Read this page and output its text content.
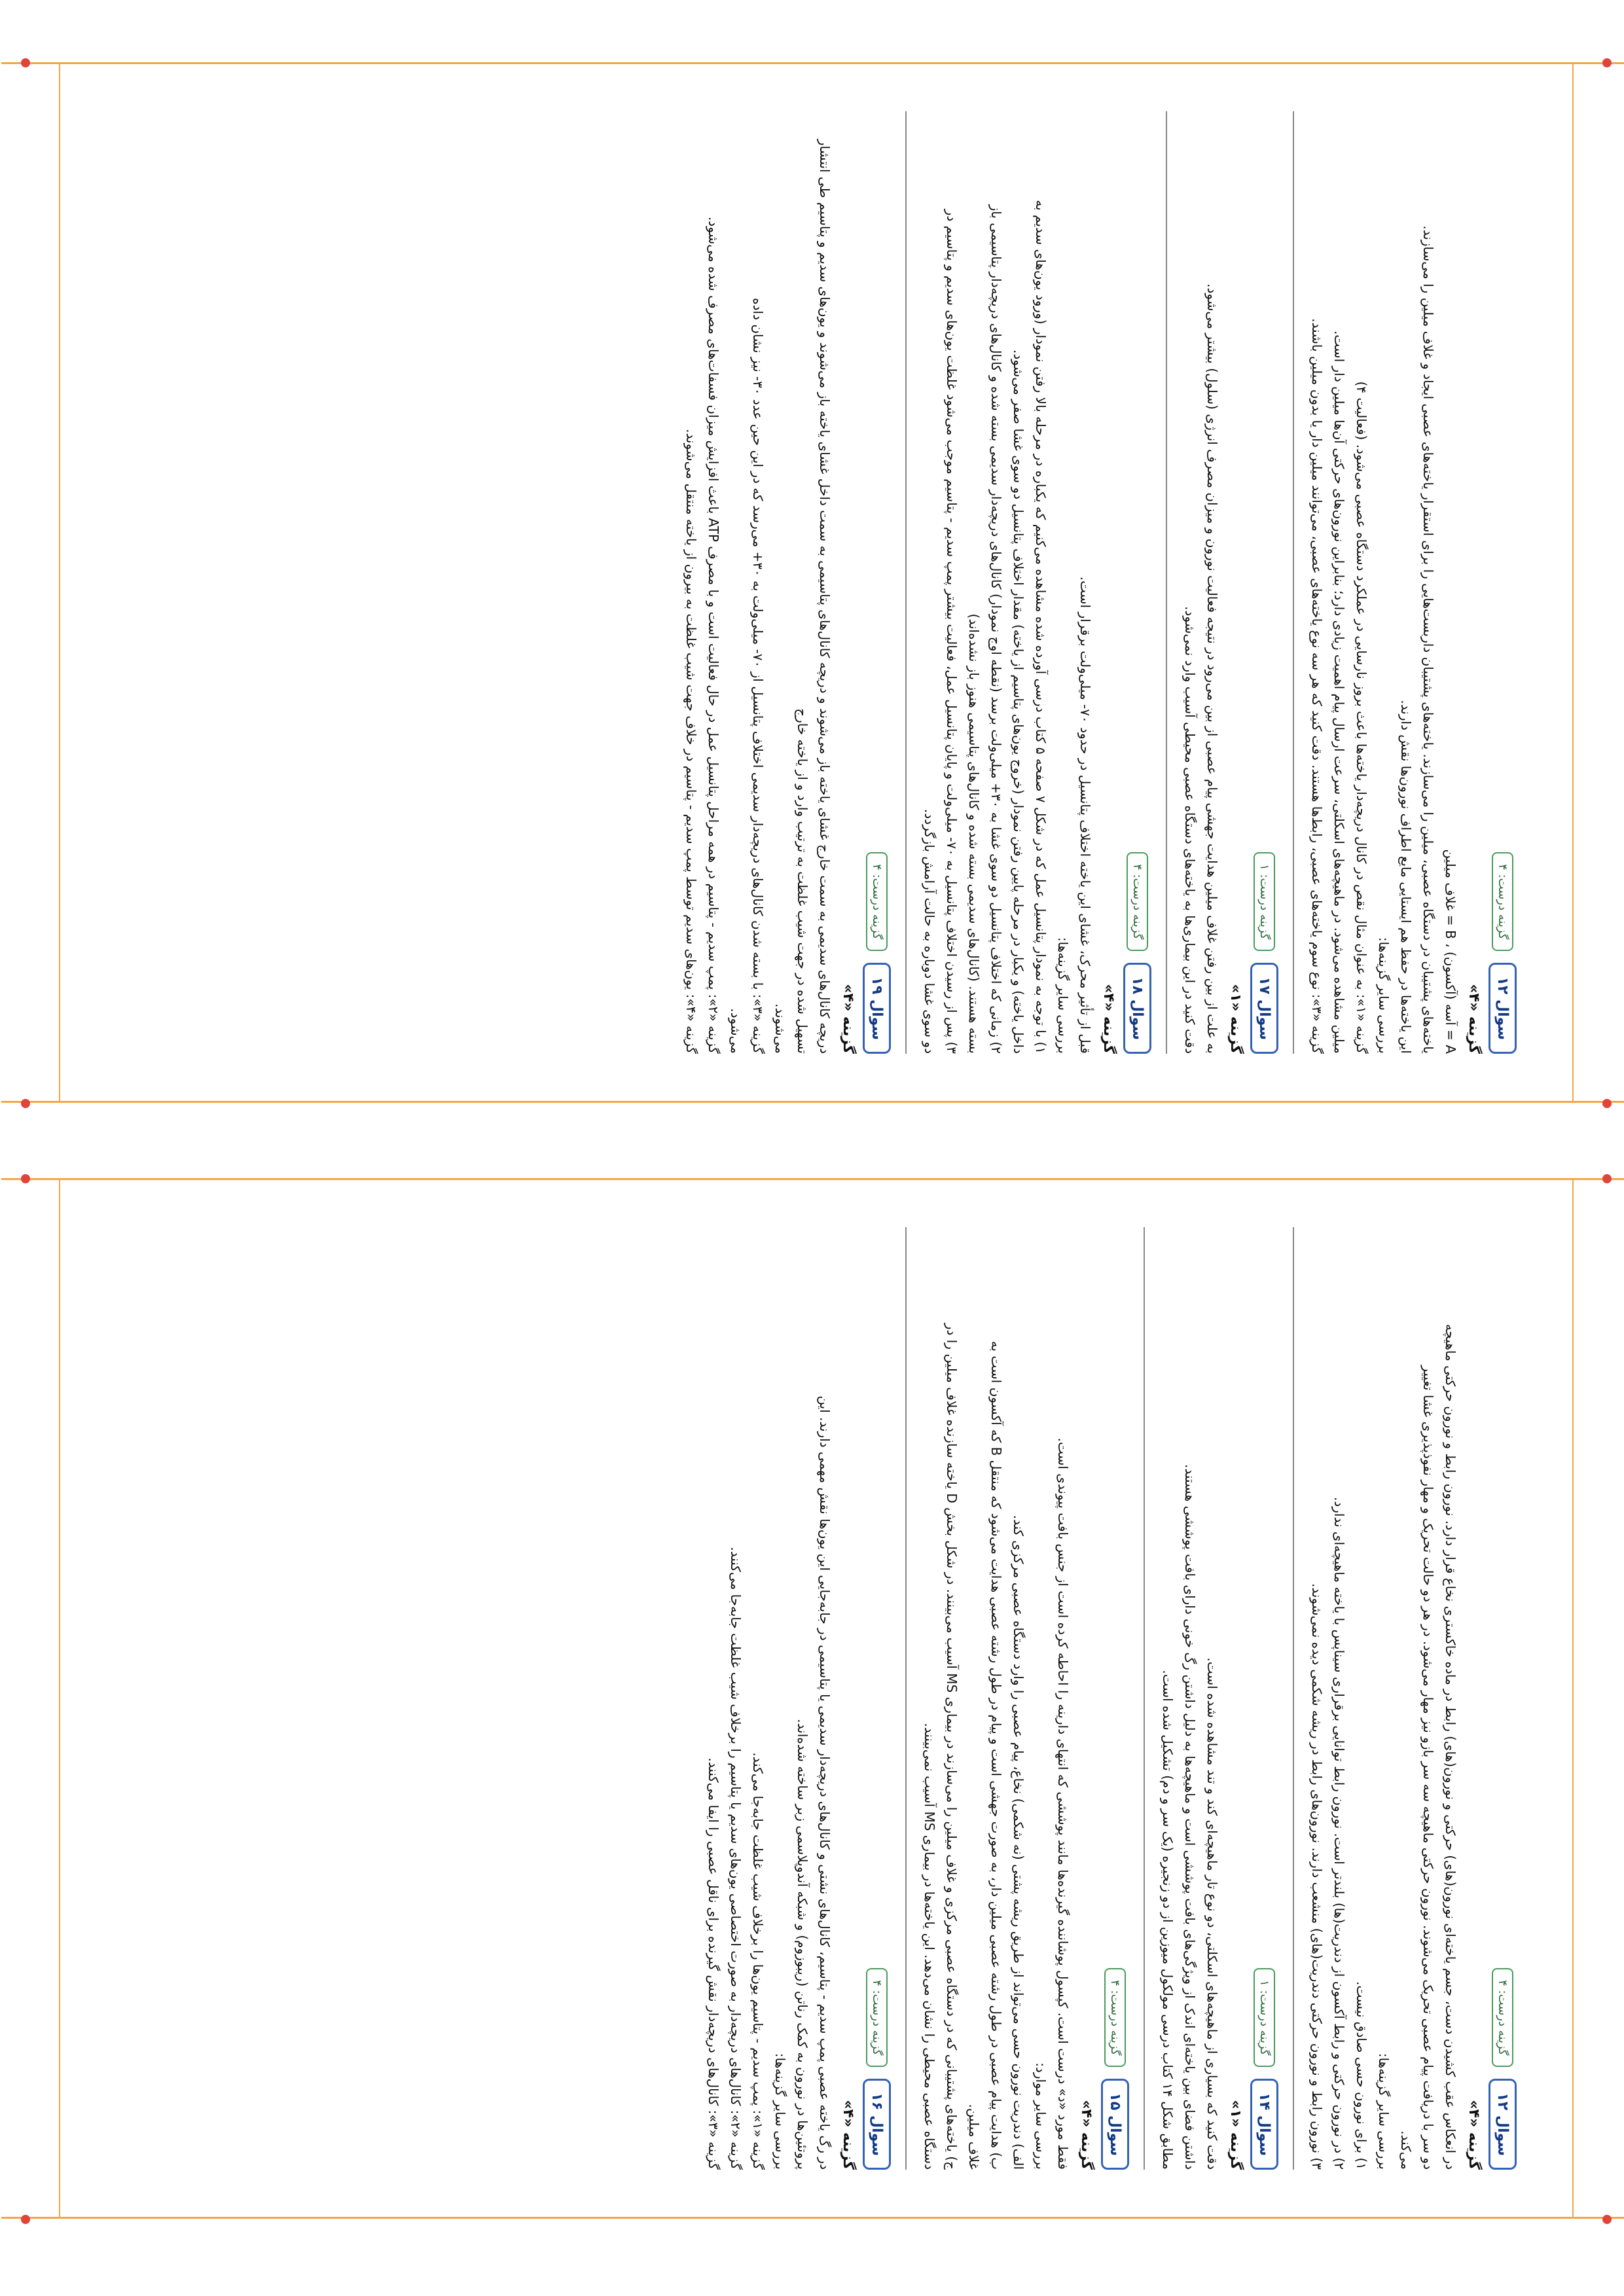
سوال ۱۲
گزینه درست: ۴

گزینه «۴»

A = آسه (آکسون) ، B = غلاف میلین

یاخته‌های پشتیبان در دستگاه عصبی، میلین را می‌سازند. یاخته‌های پشتیبان داربست‌هایی را برای استقرار یاخته‌های عصبی ایجاد و غلاف میلین را می‌سازند.

این یاخته‌ها در حفظ هم ایستایی مایع اطراف نورون‌ها نقش دارند.

بررسی سایر گزینه‌ها:

گزینه «۱»: به عنوان مثال نقص در کانال دریچه‌دار یاخته‌ها باعث بروز نارسایی در عملکرد دستگاه عصبی می‌شود. (فعالیت ۴)

میلین مشاهده می‌شود. در ماهیچه‌های اسکلتی، سرعت ارسال پیام اهمیت زیادی دارد؛ بنابراین نورون‌های حرکتی آن‌ها میلین دار است.

گزینه «۳»: نوع سوم یاخته‌های عصبی، رابط‌ها هستند. دقت کنید که هر سه نوع یاخته‌های عصبی، می‌توانند میلین دار یا بدون میلین باشند.

سوال ۱۷
گزینه درست: ۱

گزینه «۱»

به علت از بین رفتن غلاف میلین هدایت جهشی پیام عصبی از بین می‌رود در نتیجه فعالیت نورون و میزان مصرف انرژی (سلول) بیشتر می‌شود.

دقت کنید در این بیماری‌ها به یاخته‌های دستگاه عصبی محیطی آسیب وارد نمی‌شود.

سوال ۱۸
گزینه درست: ۴

گزینه «۴»

قبل از تأثیر محرک، غشای این یاخته اختلاف پتانسیل در حدود ۷۰- میلی‌ولت برقرار است.

بررسی سایر گزینه‌ها:

۱) با توجه به نمودار پتانسیل عمل که در شکل ۷ صفحه ۵ کتاب درسی آورده شده مشاهده می‌کنیم که یکباره در مرحله بالا رفتن نمودار (ورود یون‌های سدیم به

داخل یاخته) و یکبار در مرحله پایین رفتن نمودار (خروج یون‌های پتاسیم از یاخته) مقدار اختلاف پتانسیل دو سوی غشا صفر می‌شود.

۲) زمانی که اختلاف پتانسیل دو سوی غشا به ۳۰+ میلی‌ولت برسد (نقطه اوج نمودار) کانال‌های دریچه‌دار سدیمی بسته شده و کانال‌های دریچه‌دار پتاسیمی باز

بسته هستند. (کانال‌های سدیمی بسته شده و کانال‌های پتاسیمی هنوز باز نشده‌اند)

۳) پس از رسیدن اختلاف پتانسیل به ۷۰- میلی‌ولت و پایان پتانسیل عمل، فعالیت بیشتر پمپ سدیم - پتاسیم موجب می‌شود غلظت یون‌های سدیم و پتاسیم در

دو سوی غشا دوباره به حالت آرامش بازگردد.

سوال ۱۹
گزینه درست: ۴

گزینه «۴»

دریچه کانال‌های سدیمی به سمت خارج غشای یاخته باز می‌شوند و دریچه کانال‌های پتاسیمی به سمت داخل غشای یاخته باز می‌شوند و یون‌های سدیم و پتاسیم طی انتشار تسهیل شده در جهت شیب غلظت به ترتیب وارد و از یاخته خارج

می‌شوند.

گزینه «۳»: با بسته شدن کانال‌های دریچه‌دار سدیمی اختلاف پتانسیل از ۷۰- میلی‌ولت به ۳۰+ می‌رسد که در این حین عدد ۳۰- نیز نشان داده

می‌شود.

گزینه «۲»: پمپ سدیم - پتاسیم در همه مراحل پتانسیل عمل در حال فعالیت است و با مصرف ATP باعث افزایش میزان فسفات‌های مصرف شده می‌شود.

گزینه «۴»: یون‌های سدیم توسط پمپ سدیم - پتاسیم در خلاف جهت شیب غلظت به بیرون از یاخته منتقل می‌شوند.

سوال ۱۲
گزینه درست: ۴

گزینه «۴»

در انعکاس عقب کشیدن دست، جسم یاخته‌ای نورون‌(های) حرکتی و نورون‌(های) رابط در ماده خاکستری نخاع قرار دارد. نورون رابط و نورون حرکتی ماهیچه

دو سر با دریافت پیام عصبی تحریک می‌شوند. نورون حرکتی ماهیچه سه سر بازو نیز مهار می‌شود. در هر دو حالت تحریک و مهار نفوذپذیری غشا تغییر

می‌کند.

بررسی سایر گزینه‌ها:

۱) برای نورون حسی صادق نیست.

۲) در نورون حرکتی و رابط آکسون از دندریت(ها) بلندتر است. نورون رابط توانایی برقراری سیناپس با یاخته ماهیچه‌ای ندارد.

۳) نورون رابط و نورون حرکتی دندریت(های) منشعب دارند. نورون‌های رابط در ریشه شکمی دیده نمی‌شوند.

سوال ۱۴
گزینه درست: ۱

گزینه «۱»

دقت کنید که بسیاری از ماهیچه‌های اسکلتی، دو نوع تار ماهیچه‌ای کند و تند مشاهده شده است.

داشتن فضای بین یاخته‌ای اندک از ویژگی‌های بافت پوششی است و ماهیچه‌ها به دلیل داشتن رگ خونی دارای بافت پوششی هستند.

مطابق شکل ۱۴ کتاب درسی مولکول میوزین از دو زنجیره (یک سر و دم) تشکیل شده است.

سوال ۱۵
گزینه درست: ۴

گزینه «۴»

فقط مورد «د» درست است. کپسول پوشاننده گیرنده‌ها مانند پوششی که انتهای دارینه را احاطه کرده است از جنس بافت پیوندی است.

بررسی سایر موارد:

الف) دندریت نورون حسی می‌تواند از طریق ریشه پشتی (نه شکمی) نخاع، پیام عصبی را وارد دستگاه عصبی مرکزی کند.

ب) هدایت پیام عصبی در طول رشته عصبی میلین دار، به صورت جهشی است و پیام در طول رشته عصبی هدایت می‌شود که منتقل B که آکسون است به

غلاف میلین.

ج) یاخته‌های پشتیبانی که در دستگاه عصبی مرکزی و غلاف میلین را می‌سازند در بیماری MS آسیب می‌بینند. در شکل بخش D یاخته سازنده غلاف میلین را در

دستگاه عصبی محیطی را نشان می‌دهد. این یاخته‌ها در بیماری MS آسیب نمی‌بینند.

سوال ۱۶
گزینه درست: ۴

گزینه «۴»

در رگ یاخته عصبی پمپ سدیم - پتاسیم، کانال‌های نشتی و کانال‌های دریچه‌دار سدیمی یا پتاسیمی در جابه‌جایی این یون‌ها نقش مهمی دارند. این

پروتئین‌ها در نورون به کمک رناتن (ریبوزوم) و شبکه آندوپلاسمی زبر ساخته شده‌اند.

بررسی سایر گزینه‌ها:

گزینه «۱»: پمپ سدیم - پتاسیم یون‌ها را برخلاف شیب غلظت جابه‌جا می‌کند.

گزینه «۲»: کانال‌های دریچه‌دار به صورت اختصاصی یون‌های سدیم یا پتاسیم را برخلاف شیب غلظت جابه‌جا می‌کنند.

گزینه «۳»: کانال‌های دریچه‌دار نقش گیرنده برای ناقل عصبی را ایفا می‌کنند.
